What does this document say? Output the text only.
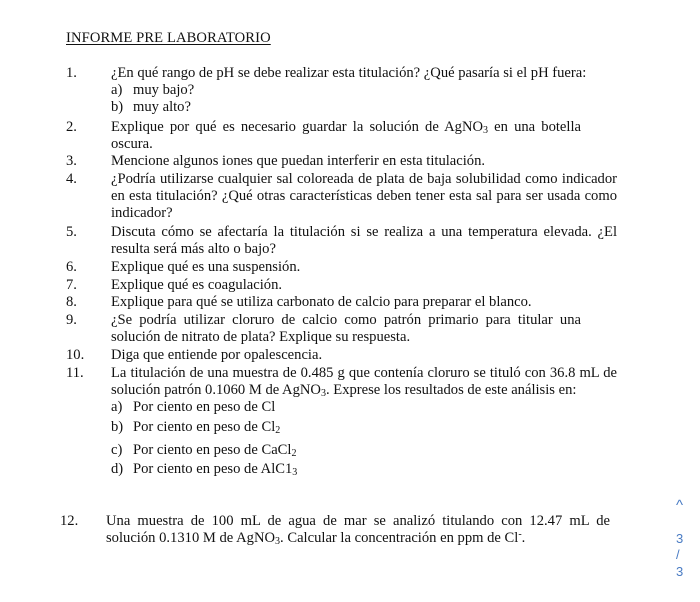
INFORME PRE LABORATORIO
1.	¿En qué rango de pH se debe realizar esta titulación? ¿Qué pasaría si el pH fuera:
a) muy bajo?
b) muy alto?
2.	Explique por qué es necesario guardar la solución de AgNO$_3$ en una botella oscura.
3.	Mencione algunos iones que puedan interferir en esta titulación.
4.	¿Podría utilizarse cualquier sal coloreada de plata de baja solubilidad como indicador en esta titulación? ¿Qué otras características deben tener esta sal para ser usada como indicador?
5.	Discuta cómo se afectaría la titulación si se realiza a una temperatura elevada. ¿El resulta será más alto o bajo?
6.	Explique qué es una suspensión.
7.	Explique qué es coagulación.
8.	Explique para qué se utiliza carbonato de calcio para preparar el blanco.
9.	¿Se podría utilizar cloruro de calcio como patrón primario para titular una solución de nitrato de plata? Explique su respuesta.
10.	Diga que entiende por opalescencia.
11.	La titulación de una muestra de 0.485 g que contenía cloruro se tituló con 36.8 mL de solución patrón 0.1060 M de AgNO$_3$. Exprese los resultados de este análisis en:
a) Por ciento en peso de Cl
b) Por ciento en peso de $Cl_2$
c) Por ciento en peso de CaCl$_2$
d) Por ciento en peso de $AlC1_3$
12.	Una muestra de 100 mL de agua de mar se analizó titulando con 12.47 mL de solución 0.1310 M de AgNO$_3$. Calcular la concentración en ppm de Cl-.
^
3
/
3
